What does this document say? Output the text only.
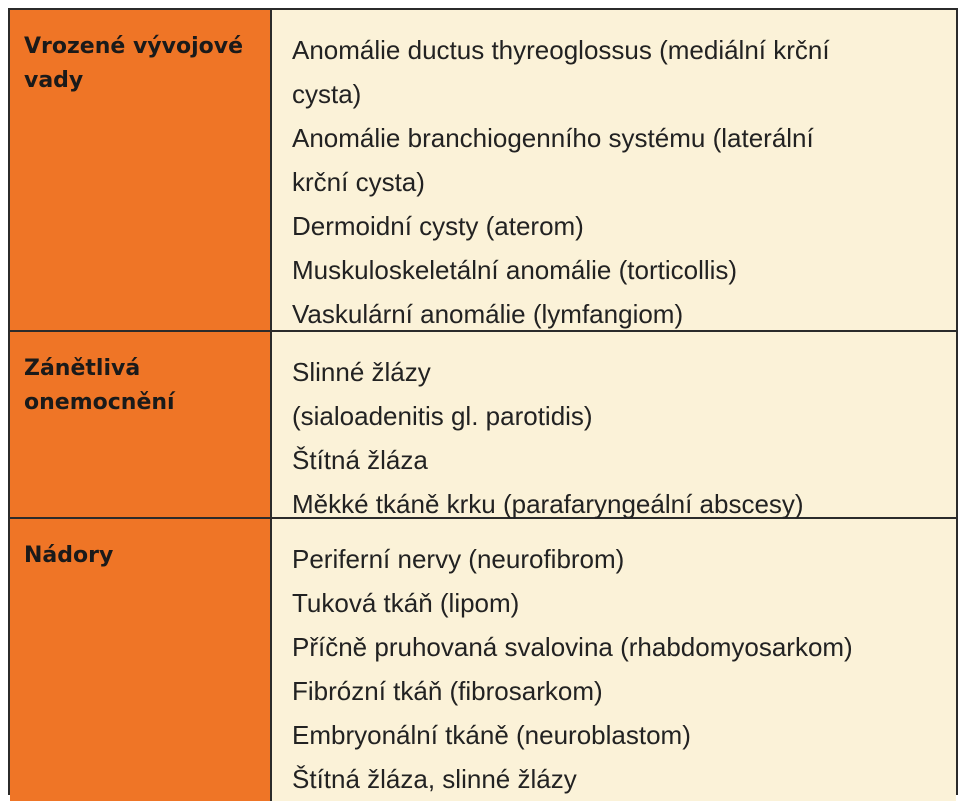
Vrozené vývojové vady
Anomálie ductus thyreoglossus (mediální krční
cysta)
Anomálie branchiogenního systému (laterální
krční cysta)
Dermoidní cysty (aterom)
Muskuloskeletální anomálie (torticollis)
Vaskulární anomálie (lymfangiom)
Zánětlivá onemocnění
Slinné žlázy
(sialoadenitis gl. parotidis)
Štítná žláza
Měkké tkáně krku (parafaryngeální abscesy)
Nádory	Periferní nervy (neurofibrom)
Tuková tkáň (lipom)
Příčně pruhovaná svalovina (rhabdomyosarkom)
Fibrózní tkáň (fibrosarkom)
Embryonální tkáně (neuroblastom)
Štítná žláza, slinné žlázy
